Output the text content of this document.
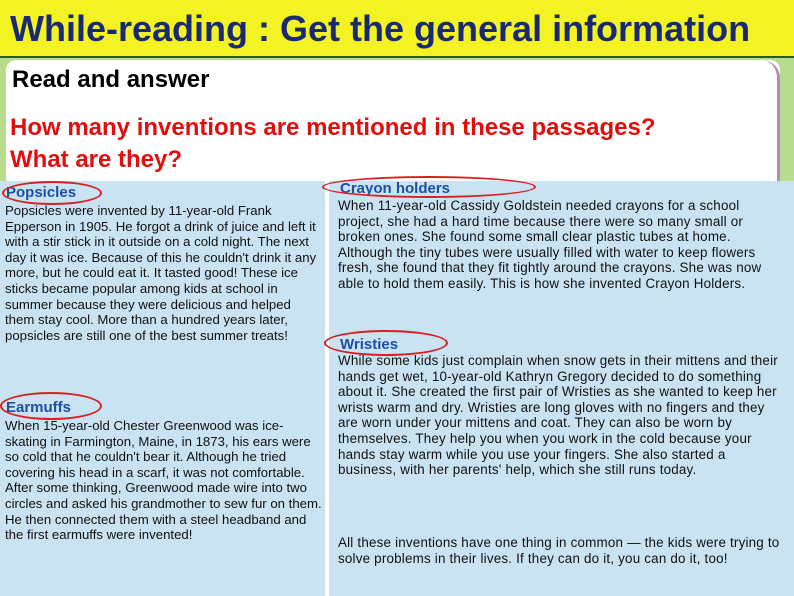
While-reading : Get the general information
Read and answer
How many inventions are mentioned in these passages? What are they?
Popsicles
Popsicles were invented by 11-year-old Frank Epperson in 1905. He forgot a drink of juice and left it with a stir stick in it outside on a cold night. The next day it was ice. Because of this he couldn't drink it any more, but he could eat it. It tasted good! These ice sticks became popular among kids at school in summer because they were delicious and helped them stay cool. More than a hundred years later, popsicles are still one of the best summer treats!
Earmuffs
When 15-year-old Chester Greenwood was ice-skating in Farmington, Maine, in 1873, his ears were so cold that he couldn't bear it. Although he tried covering his head in a scarf, it was not comfortable. After some thinking, Greenwood made wire into two circles and asked his grandmother to sew fur on them. He then connected them with a steel headband and the first earmuffs were invented!
Crayon holders
When 11-year-old Cassidy Goldstein needed crayons for a school project, she had a hard time because there were so many small or broken ones. She found some small clear plastic tubes at home. Although the tiny tubes were usually filled with water to keep flowers fresh, she found that they fit tightly around the crayons. She was now able to hold them easily. This is how she invented Crayon Holders.
Wristies
While some kids just complain when snow gets in their mittens and their hands get wet, 10-year-old Kathryn Gregory decided to do something about it. She created the first pair of Wristies as she wanted to keep her wrists warm and dry. Wristies are long gloves with no fingers and they are worn under your mittens and coat. They can also be worn by themselves. They help you when you work in the cold because your hands stay warm while you use your fingers. She also started a business, with her parents' help, which she still runs today.
All these inventions have one thing in common — the kids were trying to solve problems in their lives. If they can do it, you can do it, too!
